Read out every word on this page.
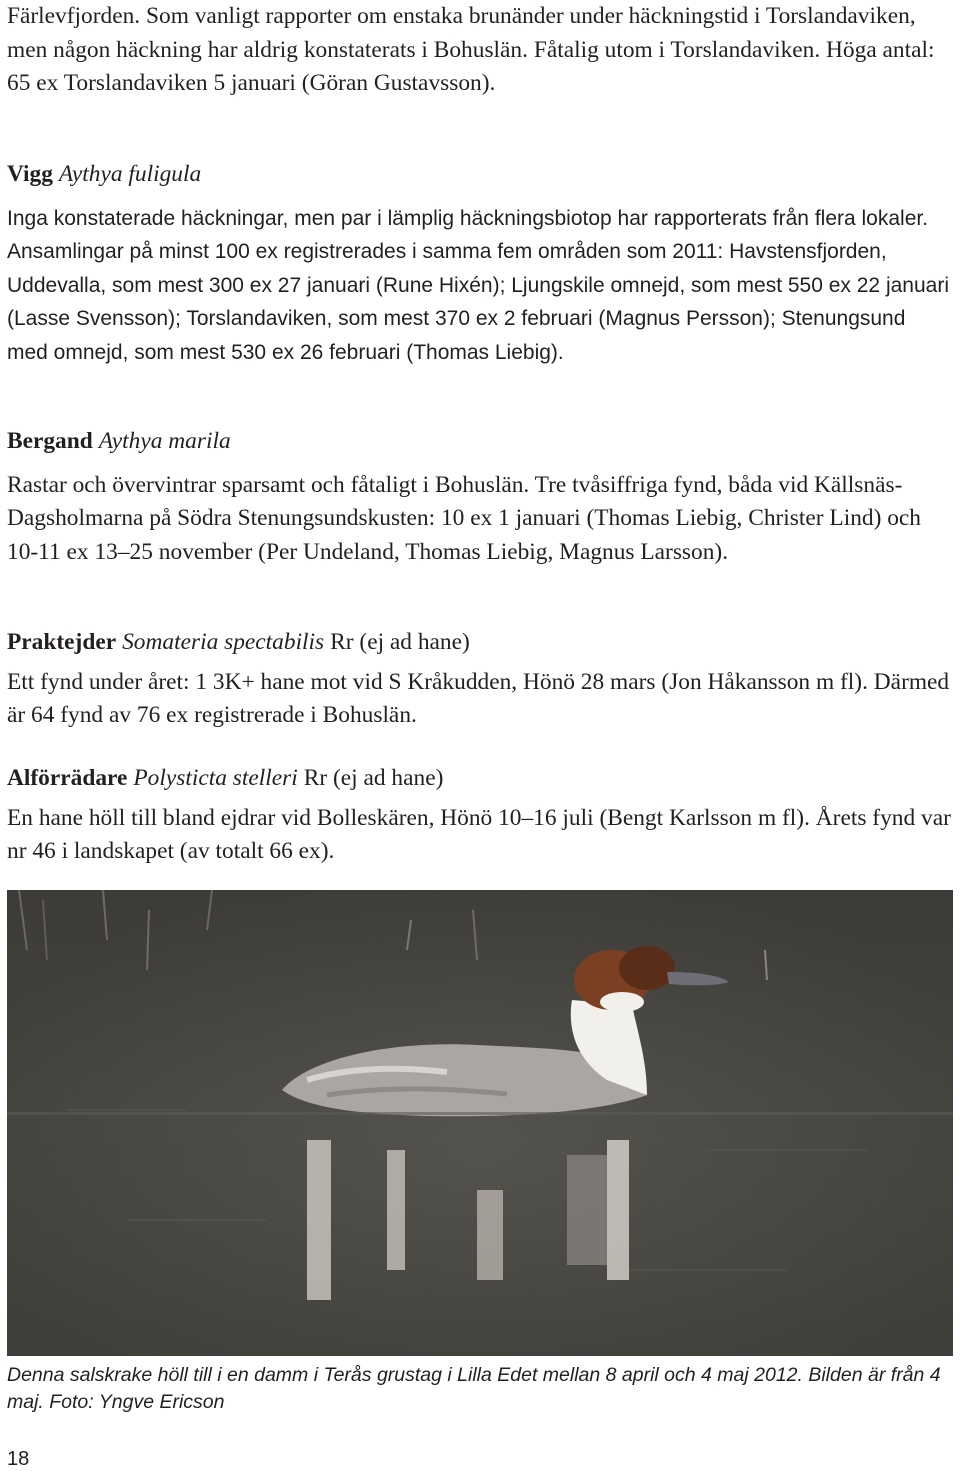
Färlevfjorden. Som vanligt rapporter om enstaka brunänder under häckningstid i Torslandaviken, men någon häckning har aldrig konstaterats i Bohuslän. Fåtalig utom i Torslandaviken. Höga antal: 65 ex Torslandaviken 5 januari (Göran Gustavsson).

Vigg Aythya fuligula

Inga konstaterade häckningar, men par i lämplig häckningsbiotop har rapporterats från flera lokaler. Ansamlingar på minst 100 ex registrerades i samma fem områden som 2011: Havstensfjorden, Uddevalla, som mest 300 ex 27 januari (Rune Hixén); Ljungskile omnejd, som mest 550 ex 22 januari (Lasse Svensson); Torslandaviken, som mest 370 ex 2 februari (Magnus Persson); Stenungsund med omnejd, som mest 530 ex 26 februari (Thomas Liebig).

Bergand Aythya marila

Rastar och övervintrar sparsamt och fåtaligt i Bohuslän. Tre tvåsiffriga fynd, båda vid Källsnäs-Dagsholmarna på Södra Stenungsundskusten: 10 ex 1 januari (Thomas Liebig, Christer Lind) och 10-11 ex 13–25 november (Per Undeland, Thomas Liebig, Magnus Larsson).

Praktejder Somateria spectabilis Rr (ej ad hane)

Ett fynd under året: 1 3K+ hane mot vid S Kråkudden, Hönö 28 mars (Jon Håkansson m fl). Därmed är 64 fynd av 76 ex registrerade i Bohuslän.

Alförrädare Polysticta stelleri Rr (ej ad hane)

En hane höll till bland ejdrar vid Bolleskären, Hönö 10–16 juli (Bengt Karlsson m fl). Årets fynd var nr 46 i landskapet (av totalt 66 ex).

Denna salskrake höll till i en damm i Terås grustag i Lilla Edet mellan 8 april och 4 maj 2012. Bilden är från 4 maj. Foto: Yngve Ericson
18
